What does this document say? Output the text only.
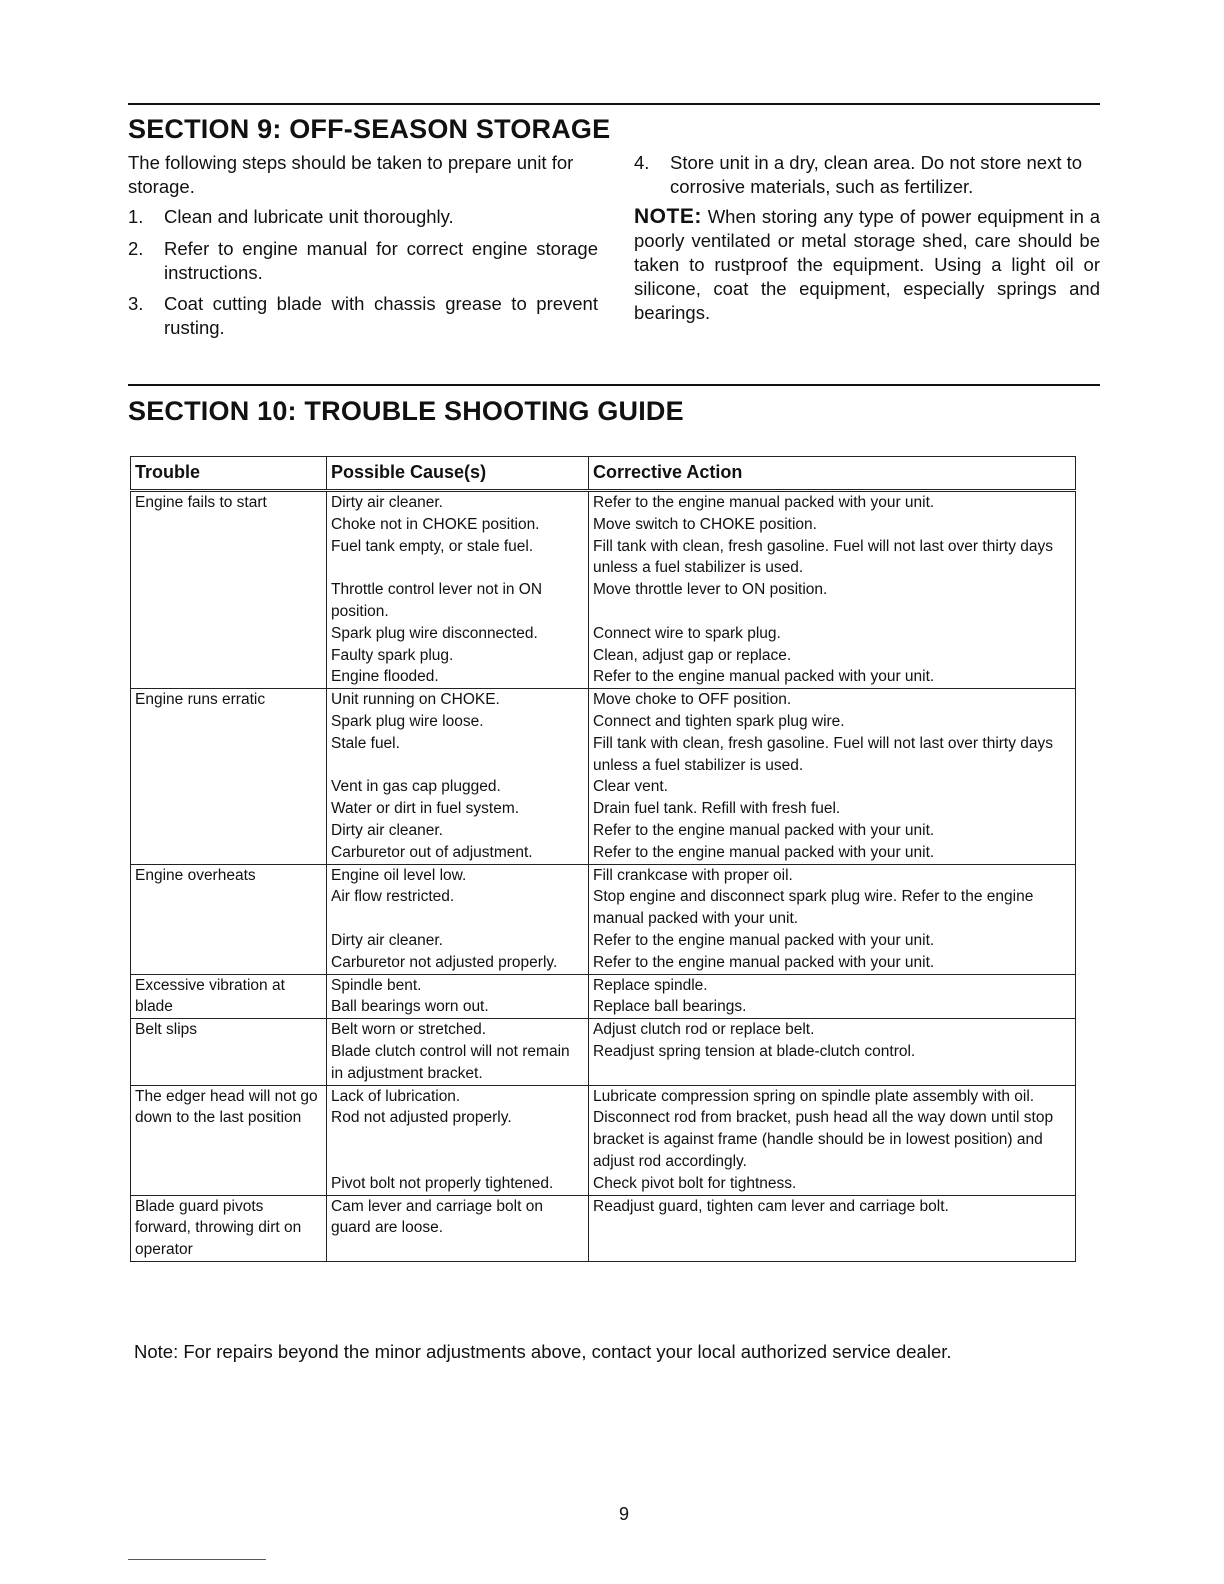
SECTION 9: OFF-SEASON STORAGE

The following steps should be taken to prepare unit for storage.

1. Clean and lubricate unit thoroughly.
2. Refer to engine manual for correct engine storage instructions.
3. Coat cutting blade with chassis grease to prevent rusting.
4. Store unit in a dry, clean area. Do not store next to corrosive materials, such as fertilizer.

NOTE: When storing any type of power equipment in a poorly ventilated or metal storage shed, care should be taken to rustproof the equipment. Using a light oil or silicone, coat the equipment, especially springs and bearings.

SECTION 10: TROUBLE SHOOTING GUIDE
Trouble	Possible Cause(s)	Corrective Action
Engine fails to start	Dirty air cleaner.	Refer to the engine manual packed with your unit.
	Choke not in CHOKE position.	Move switch to CHOKE position.
	Fuel tank empty, or stale fuel.	Fill tank with clean, fresh gasoline. Fuel will not last over thirty days unless a fuel stabilizer is used.
	Throttle control lever not in ON position.	Move throttle lever to ON position.
	Spark plug wire disconnected.	Connect wire to spark plug.
	Faulty spark plug.	Clean, adjust gap or replace.
	Engine flooded.	Refer to the engine manual packed with your unit.
Engine runs erratic	Unit running on CHOKE.	Move choke to OFF position.
	Spark plug wire loose.	Connect and tighten spark plug wire.
	Stale fuel.	Fill tank with clean, fresh gasoline. Fuel will not last over thirty days unless a fuel stabilizer is used.
	Vent in gas cap plugged.	Clear vent.
	Water or dirt in fuel system.	Drain fuel tank. Refill with fresh fuel.
	Dirty air cleaner.	Refer to the engine manual packed with your unit.
	Carburetor out of adjustment.	Refer to the engine manual packed with your unit.
Engine overheats	Engine oil level low.	Fill crankcase with proper oil.
	Air flow restricted.	Stop engine and disconnect spark plug wire. Refer to the engine manual packed with your unit.
	Dirty air cleaner.	Refer to the engine manual packed with your unit.
	Carburetor not adjusted properly.	Refer to the engine manual packed with your unit.
Excessive vibration at blade	Spindle bent.	Replace spindle.
	Ball bearings worn out.	Replace ball bearings.
Belt slips	Belt worn or stretched.	Adjust clutch rod or replace belt.
	Blade clutch control will not remain in adjustment bracket.	Readjust spring tension at blade-clutch control.
The edger head will not go down to the last position	Lack of lubrication.	Lubricate compression spring on spindle plate assembly with oil.
	Rod not adjusted properly.	Disconnect rod from bracket, push head all the way down until stop bracket is against frame (handle should be in lowest position) and adjust rod accordingly.
	Pivot bolt not properly tightened.	Check pivot bolt for tightness.
Blade guard pivots forward, throwing dirt on operator	Cam lever and carriage bolt on guard are loose.	Readjust guard, tighten cam lever and carriage bolt.

Note: For repairs beyond the minor adjustments above, contact your local authorized service dealer.

9
